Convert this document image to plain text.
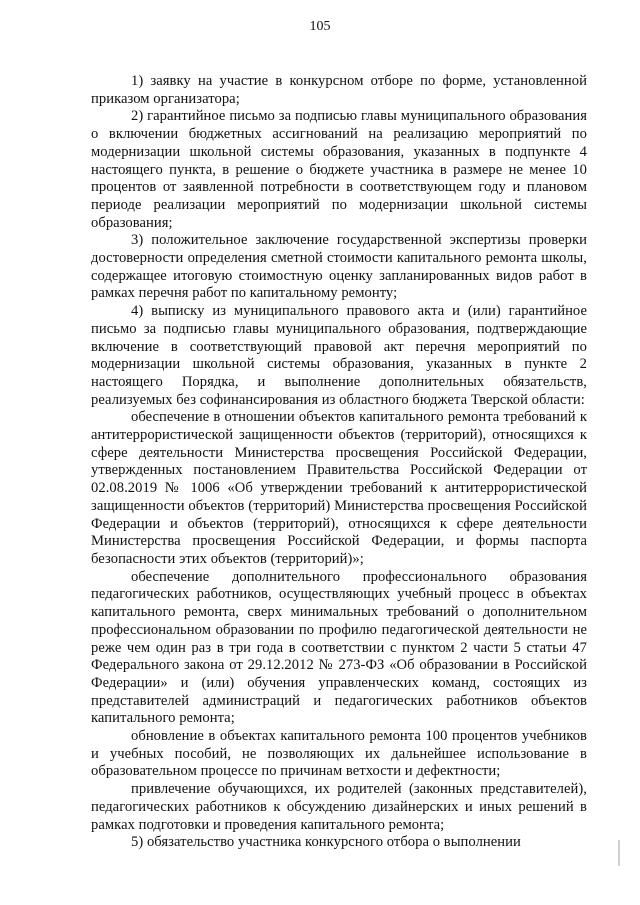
105

1) заявку на участие в конкурсном отборе по форме, установленной приказом организатора;

2) гарантийное письмо за подписью главы муниципального образования о включении бюджетных ассигнований на реализацию мероприятий по модернизации школьной системы образования, указанных в подпункте 4 настоящего пункта, в решение о бюджете участника в размере не менее 10 процентов от заявленной потребности в соответствующем году и плановом периоде реализации мероприятий по модернизации школьной системы образования;

3) положительное заключение государственной экспертизы проверки достоверности определения сметной стоимости капитального ремонта школы, содержащее итоговую стоимостную оценку запланированных видов работ в рамках перечня работ по капитальному ремонту;

4) выписку из муниципального правового акта и (или) гарантийное письмо за подписью главы муниципального образования, подтверждающие включение в соответствующий правовой акт перечня мероприятий по модернизации школьной системы образования, указанных в пункте 2 настоящего Порядка, и выполнение дополнительных обязательств, реализуемых без софинансирования из областного бюджета Тверской области:

обеспечение в отношении объектов капитального ремонта требований к антитеррористической защищенности объектов (территорий), относящихся к сфере деятельности Министерства просвещения Российской Федерации, утвержденных постановлением Правительства Российской Федерации от 02.08.2019 № 1006 «Об утверждении требований к антитеррористической защищенности объектов (территорий) Министерства просвещения Российской Федерации и объектов (территорий), относящихся к сфере деятельности Министерства просвещения Российской Федерации, и формы паспорта безопасности этих объектов (территорий)»;

обеспечение дополнительного профессионального образования педагогических работников, осуществляющих учебный процесс в объектах капитального ремонта, сверх минимальных требований о дополнительном профессиональном образовании по профилю педагогической деятельности не реже чем один раз в три года в соответствии с пунктом 2 части 5 статьи 47 Федерального закона от 29.12.2012 № 273-ФЗ «Об образовании в Российской Федерации» и (или) обучения управленческих команд, состоящих из представителей администраций и педагогических работников объектов капитального ремонта;

обновление в объектах капитального ремонта 100 процентов учебников и учебных пособий, не позволяющих их дальнейшее использование в образовательном процессе по причинам ветхости и дефектности;

привлечение обучающихся, их родителей (законных представителей), педагогических работников к обсуждению дизайнерских и иных решений в рамках подготовки и проведения капитального ремонта;

5) обязательство участника конкурсного отбора о выполнении
